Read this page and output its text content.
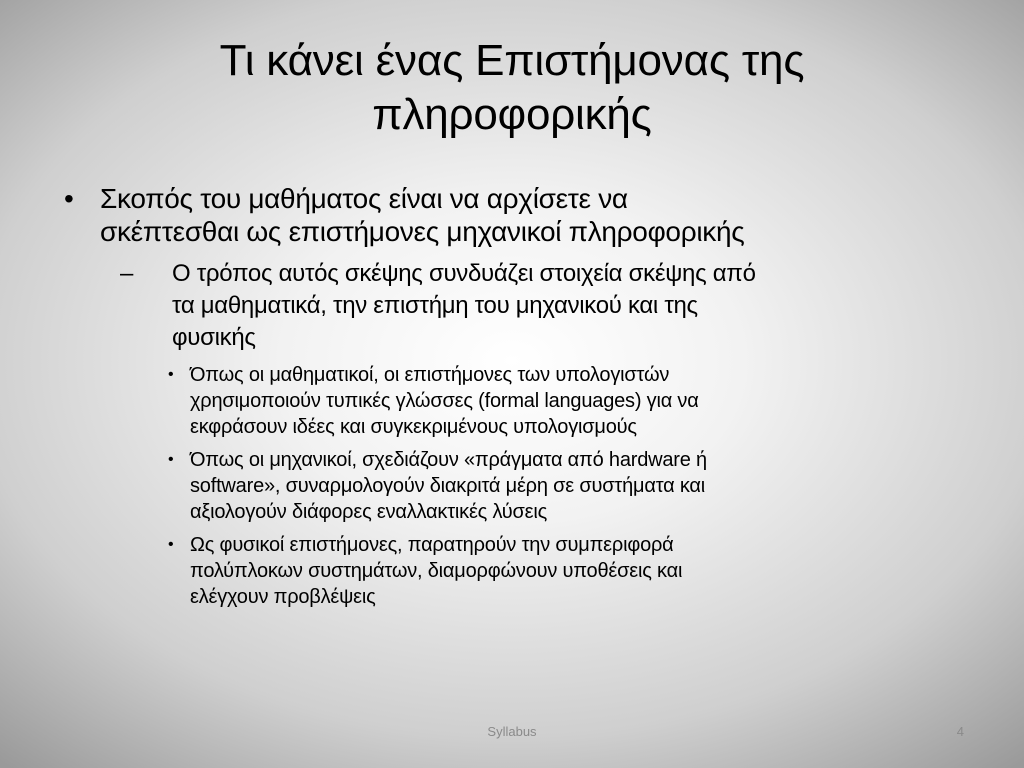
Τι κάνει ένας Επιστήμονας της
πληροφορικής
• Σκοπός του μαθήματος είναι να αρχίσετε να
σκέπτεσθαι ως επιστήμονες μηχανικοί πληροφορικής
– Ο τρόπος αυτός σκέψης συνδυάζει στοιχεία σκέψης από
τα μαθηματικά, την επιστήμη του μηχανικού και της
φυσικής
• Όπως οι μαθηματικοί, οι επιστήμονες των υπολογιστών
χρησιμοποιούν τυπικές γλώσσες (formal languages) για να
εκφράσουν ιδέες και συγκεκριμένους υπολογισμούς
• Όπως οι μηχανικοί, σχεδιάζουν «πράγματα από hardware ή
software», συναρμολογούν διακριτά μέρη σε συστήματα και
αξιολογούν διάφορες εναλλακτικές λύσεις
• Ως φυσικοί επιστήμονες, παρατηρούν την συμπεριφορά
πολύπλοκων συστημάτων, διαμορφώνουν υποθέσεις και
ελέγχουν προβλέψεις
Syllabus	4
